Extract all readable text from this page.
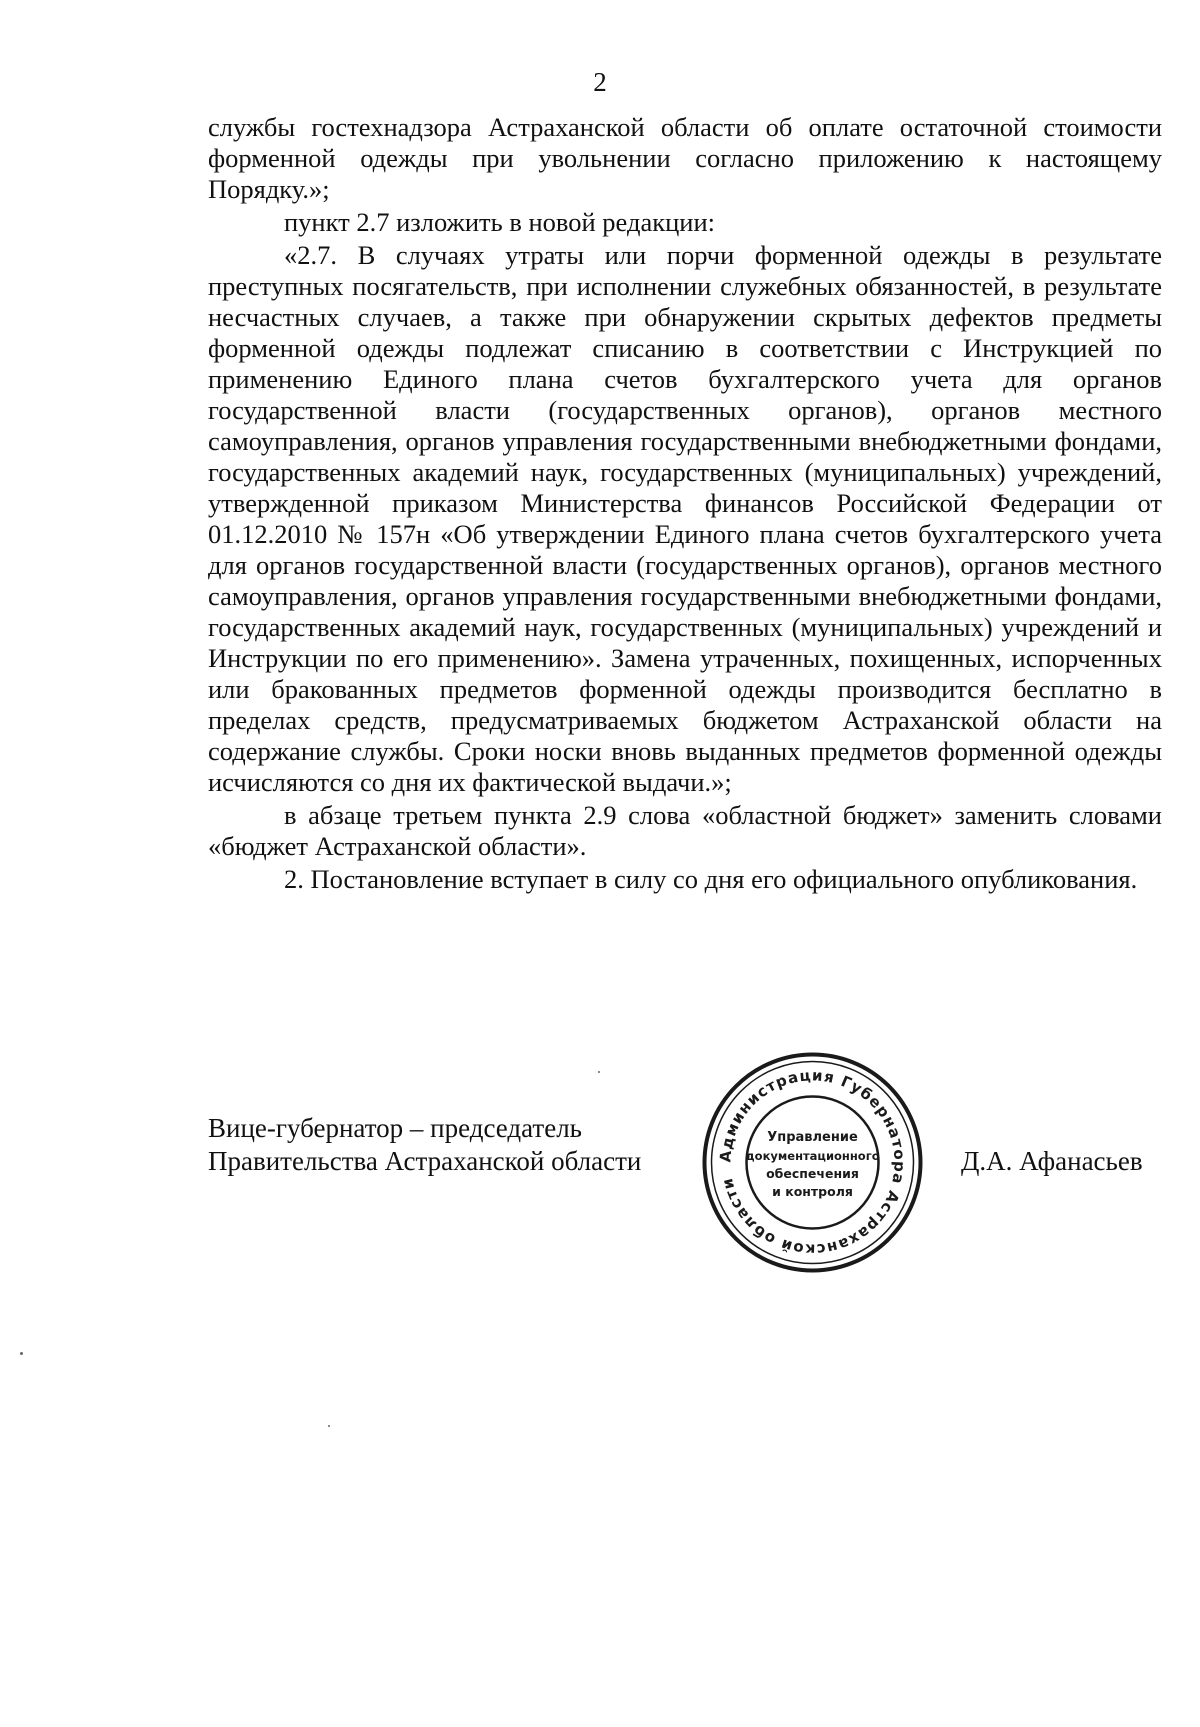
2

службы гостехнадзора Астраханской области об оплате остаточной стоимости форменной одежды при увольнении согласно приложению к настоящему Порядку.»;

пункт 2.7 изложить в новой редакции:

«2.7. В случаях утраты или порчи форменной одежды в результате преступных посягательств, при исполнении служебных обязанностей, в результате несчастных случаев, а также при обнаружении скрытых дефектов предметы форменной одежды подлежат списанию в соответствии с Инструкцией по применению Единого плана счетов бухгалтерского учета для органов государственной власти (государственных органов), органов местного самоуправления, органов управления государственными внебюджетными фондами, государственных академий наук, государственных (муниципальных) учреждений, утвержденной приказом Министерства финансов Российской Федерации от 01.12.2010 № 157н «Об утверждении Единого плана счетов бухгалтерского учета для органов государственной власти (государственных органов), органов местного самоуправления, органов управления государственными внебюджетными фондами, государственных академий наук, государственных (муниципальных) учреждений и Инструкции по его применению». Замена утраченных, похищенных, испорченных или бракованных предметов форменной одежды производится бесплатно в пределах средств, предусматриваемых бюджетом Астраханской области на содержание службы. Сроки носки вновь выданных предметов форменной одежды исчисляются со дня их фактической выдачи.»;

в абзаце третьем пункта 2.9 слова «областной бюджет» заменить словами «бюджет Астраханской области».

2. Постановление вступает в силу со дня его официального опубликования.

Вице-губернатор – председатель
Правительства Астраханской области	Д.А. Афанасьев
Администрация Губернатора Астраханской области
Управление
документационного
обеспечения
и контроля
